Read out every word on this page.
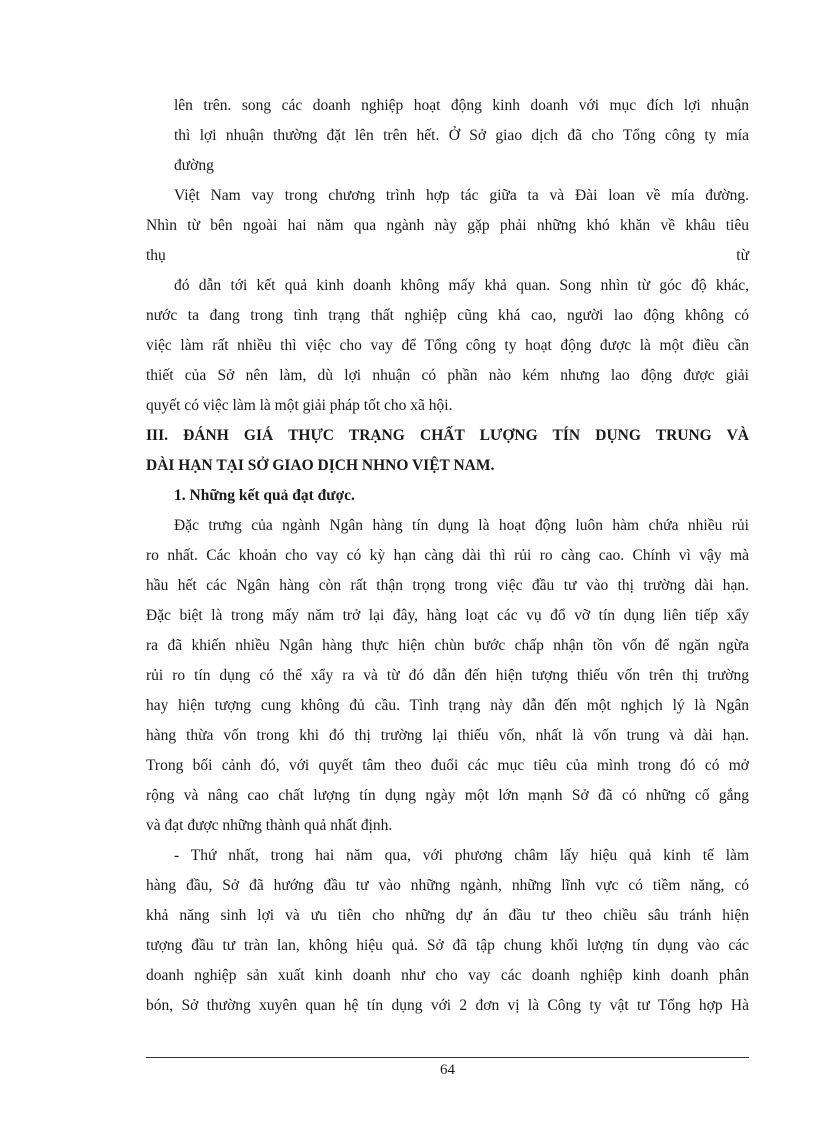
lên trên. song các doanh nghiệp hoạt động kinh doanh với mục đích lợi nhuận
thì lợi nhuận thường đặt lên trên hết. Ở Sở giao dịch đã cho Tổng công ty mía
đường
Việt Nam vay trong chương trình hợp tác giữa ta và Đài loan về mía đường.
Nhìn từ bên ngoài hai năm qua ngành này gặp phải những khó khăn về khâu tiêu
từ
thụ
đó dẫn tới kết quả kinh doanh không mấy khả quan. Song nhìn từ góc độ khác,
nước ta đang trong tình trạng thất nghiệp cũng khá cao, người lao động không có
việc làm rất nhiều thì việc cho vay để Tổng công ty hoạt động được là một điều cần
thiết của Sở nên làm, dù lợi nhuận có phần nào kém nhưng lao động được giải
quyết có việc làm là một giải pháp tốt cho xã hội.
III. ĐÁNH GIÁ THỰC TRẠNG CHẤT LƯỢNG TÍN DỤNG TRUNG VÀ
DÀI HẠN TẠI SỞ GIAO DỊCH NHNO VIỆT NAM.
1. Những kết quả đạt được.
Đặc trưng của ngành Ngân hàng tín dụng là hoạt động luôn hàm chứa nhiều rủi
ro nhất. Các khoản cho vay có kỳ hạn càng dài thì rủi ro càng cao. Chính vì vậy mà
hầu hết các Ngân hàng còn rất thận trọng trong việc đầu tư vào thị trường dài hạn.
Đặc biệt là trong mấy năm trở lại đây, hàng loạt các vụ đổ vỡ tín dụng liên tiếp xẩy
ra đã khiến nhiều Ngân hàng thực hiện chùn bước chấp nhận tồn vốn để ngăn ngừa
rủi ro tín dụng có thể xẩy ra và từ đó dẫn đến hiện tượng thiếu vốn trên thị trường
hay hiện tượng cung không đủ cầu. Tình trạng này dẫn đến một nghịch lý là Ngân
hàng thừa vốn trong khi đó thị trường lại thiếu vốn, nhất là vốn trung và dài hạn.
Trong bối cảnh đó, với quyết tâm theo đuổi các mục tiêu của mình trong đó có mở
rộng và nâng cao chất lượng tín dụng ngày một lớn mạnh Sở đã có những cố gắng
và đạt được những thành quả nhất định.
- Thứ nhất, trong hai năm qua, với phương châm lấy hiệu quả kinh tế làm
hàng đầu, Sở đã hướng đầu tư vào những ngành, những lĩnh vực có tiềm năng, có
khả năng sinh lợi và ưu tiên cho những dự án đầu tư theo chiều sâu tránh hiện
tượng đầu tư tràn lan, không hiệu quả. Sở đã tập chung khối lượng tín dụng vào các
doanh nghiệp sản xuất kinh doanh như cho vay các doanh nghiệp kinh doanh phân
bón, Sở thường xuyên quan hệ tín dụng với 2 đơn vị là Công ty vật tư Tổng hợp Hà
64
